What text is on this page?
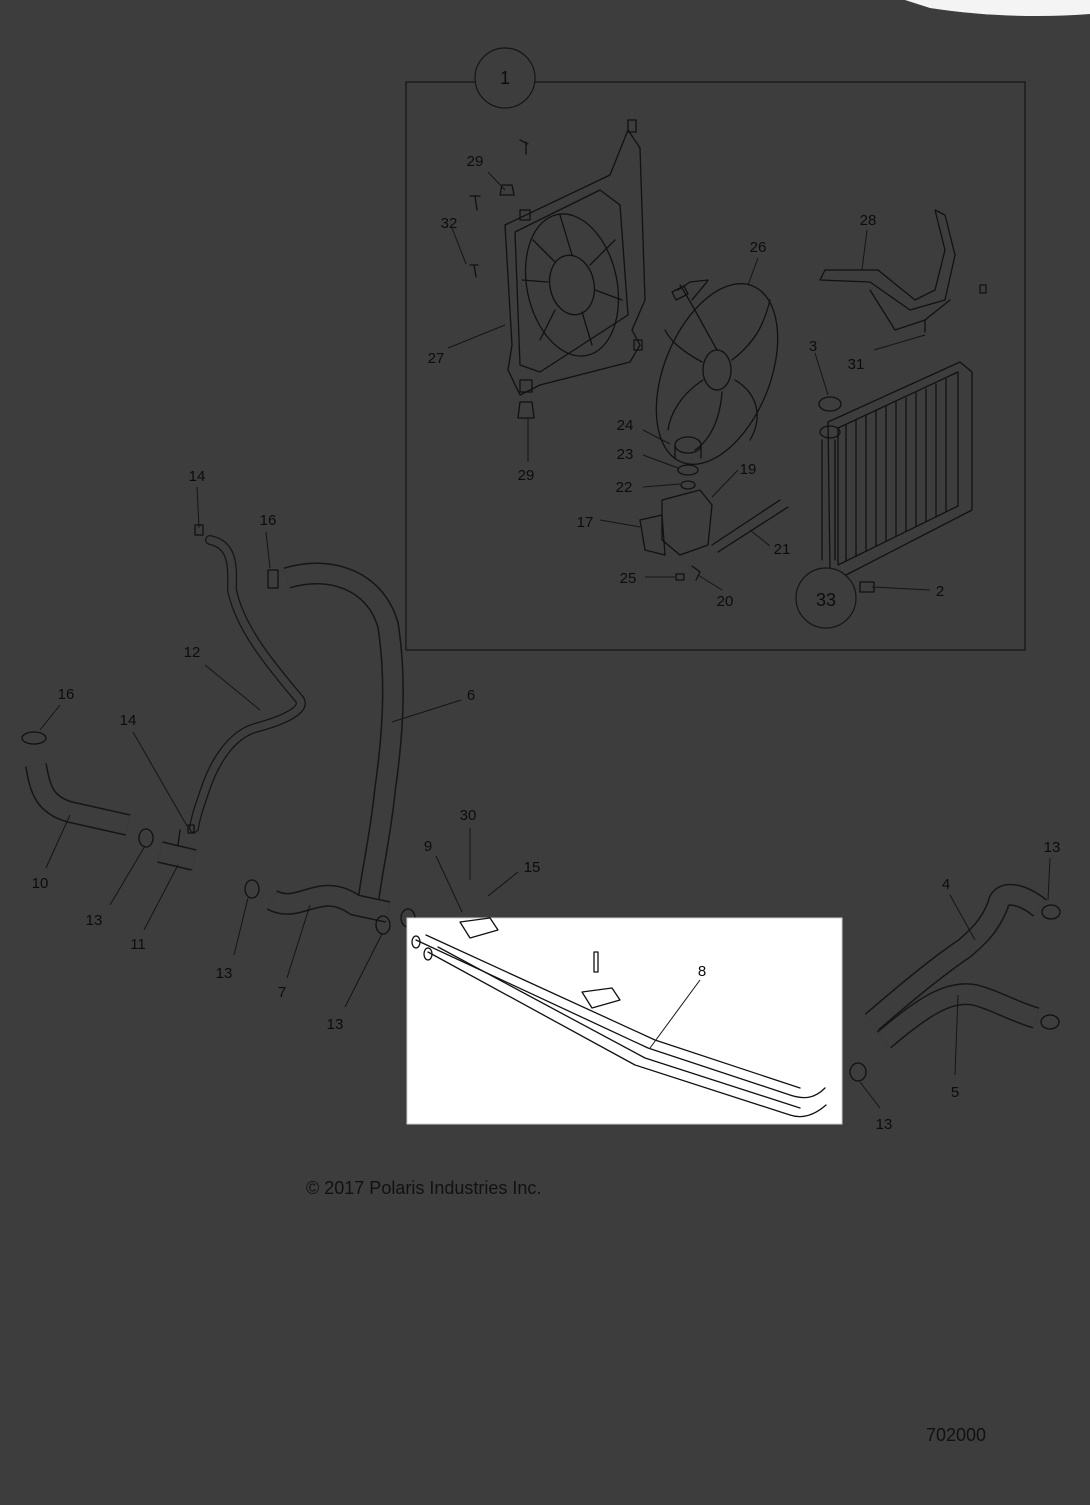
1
29
32
27
29
26
28
31
3
24
23
22
19
17
21
25
20	33	2
14
16
12
6
16
14
10
13
11
13
7
13
9
30
15
8
4
13
5
13
© 2017 Polaris Industries Inc.
702000
